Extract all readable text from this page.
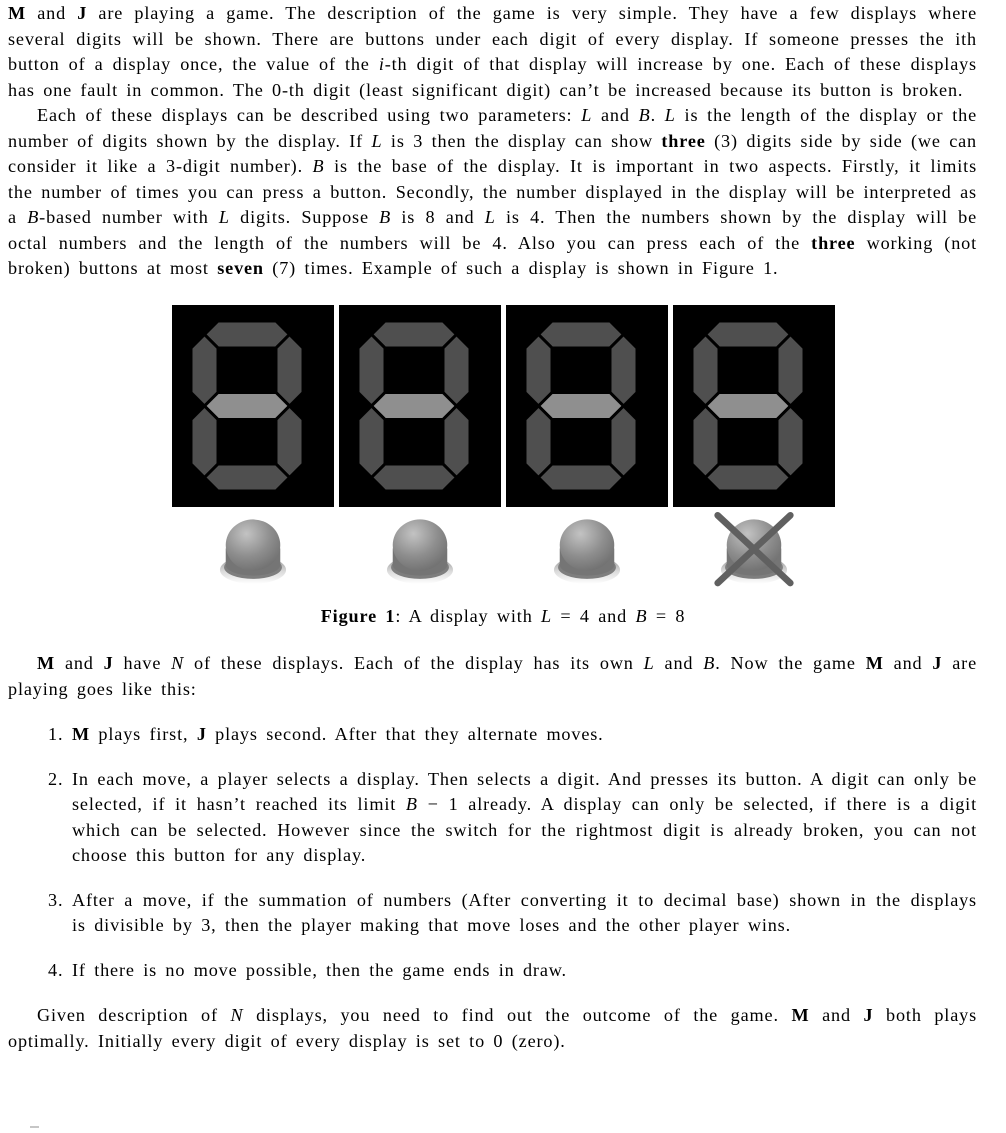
M and J are playing a game. The description of the game is very simple. They have a few displays where several digits will be shown. There are buttons under each digit of every display. If someone presses the ith button of a display once, the value of the i-th digit of that display will increase by one. Each of these displays has one fault in common. The 0-th digit (least significant digit) can’t be increased because its button is broken.

Each of these displays can be described using two parameters: L and B. L is the length of the display or the number of digits shown by the display. If L is 3 then the display can show three (3) digits side by side (we can consider it like a 3-digit number). B is the base of the display. It is important in two aspects. Firstly, it limits the number of times you can press a button. Secondly, the number displayed in the display will be interpreted as a B-based number with L digits. Suppose B is 8 and L is 4. Then the numbers shown by the display will be octal numbers and the length of the numbers will be 4. Also you can press each of the three working (not broken) buttons at most seven (7) times. Example of such a display is shown in Figure 1.

Figure 1: A display with L = 4 and B = 8

M and J have N of these displays. Each of the display has its own L and B. Now the game M and J are playing goes like this:

1. M plays first, J plays second. After that they alternate moves.
2. In each move, a player selects a display. Then selects a digit. And presses its button. A digit can only be selected, if it hasn’t reached its limit B − 1 already. A display can only be selected, if there is a digit which can be selected. However since the switch for the rightmost digit is already broken, you can not choose this button for any display.
3. After a move, if the summation of numbers (After converting it to decimal base) shown in the displays is divisible by 3, then the player making that move loses and the other player wins.
4. If there is no move possible, then the game ends in draw.

Given description of N displays, you need to find out the outcome of the game. M and J both plays optimally. Initially every digit of every display is set to 0 (zero).
